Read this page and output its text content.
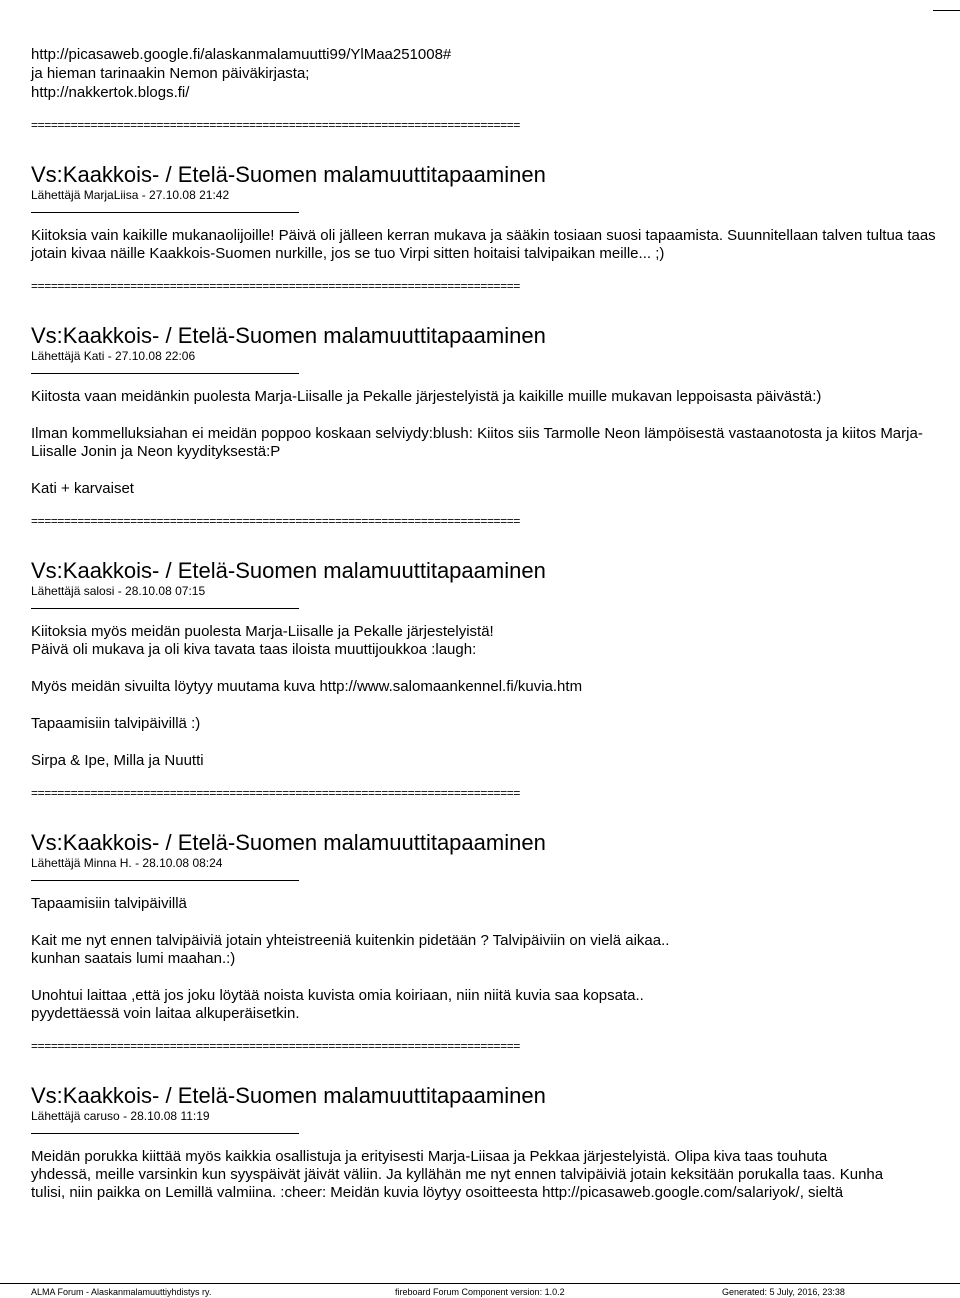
http://picasaweb.google.fi/alaskanmalamuutti99/YlMaa251008#

ja hieman tarinaakin Nemon päiväkirjasta;

http://nakkertok.blogs.fi/

==========================================================================
Vs:Kaakkois- / Etelä-Suomen malamuuttitapaaminen
Lähettäjä MarjaLiisa - 27.10.08 21:42

Kiitoksia vain kaikille mukanaolijoille! Päivä oli jälleen kerran mukava ja sääkin tosiaan suosi tapaamista. Suunnitellaan talven tultua taas jotain kivaa näille Kaakkois-Suomen nurkille, jos se tuo Virpi sitten hoitaisi talvipaikan meille... ;)

==========================================================================
Vs:Kaakkois- / Etelä-Suomen malamuuttitapaaminen
Lähettäjä Kati - 27.10.08 22:06

Kiitosta vaan meidänkin puolesta Marja-Liisalle ja Pekalle järjestelyistä ja kaikille muille mukavan leppoisasta päivästä:)

Ilman kommelluksiahan ei meidän poppoo koskaan selviydy:blush: Kiitos siis Tarmolle Neon lämpöisestä vastaanotosta ja kiitos Marja-Liisalle Jonin ja Neon kyydityksestä:P

Kati + karvaiset

==========================================================================
Vs:Kaakkois- / Etelä-Suomen malamuuttitapaaminen
Lähettäjä salosi - 28.10.08 07:15

Kiitoksia myös meidän puolesta Marja-Liisalle ja Pekalle järjestelyistä!
Päivä oli mukava ja oli kiva tavata taas iloista muuttijoukkoa :laugh:

Myös meidän sivuilta löytyy muutama kuva http://www.salomaankennel.fi/kuvia.htm

Tapaamisiin talvipäivillä :)

Sirpa & Ipe, Milla ja Nuutti

==========================================================================
Vs:Kaakkois- / Etelä-Suomen malamuuttitapaaminen
Lähettäjä Minna H. - 28.10.08 08:24

Tapaamisiin talvipäivillä

Kait me nyt ennen talvipäiviä jotain yhteistreeniä kuitenkin pidetään ? Talvipäiviin on vielä aikaa..
kunhan saatais lumi maahan.:)

Unohtui laittaa ,että jos joku löytää noista kuvista omia koiriaan, niin niitä kuvia saa kopsata..
pyydettäessä voin laitaa alkuperäisetkin.

==========================================================================
Vs:Kaakkois- / Etelä-Suomen malamuuttitapaaminen
Lähettäjä caruso - 28.10.08 11:19

Meidän porukka kiittää myös kaikkia osallistuja ja erityisesti Marja-Liisaa ja Pekkaa järjestelyistä. Olipa kiva taas touhuta
yhdessä, meille varsinkin kun syyspäivät jäivät väliin. Ja kyllähän me nyt ennen talvipäiviä jotain keksitään porukalla taas. Kunha
tulisi, niin paikka on Lemillä valmiina. :cheer: Meidän kuvia löytyy osoitteesta http://picasaweb.google.com/salariyok/, sieltä

ALMA Forum - Alaskanmalamuuttiyhdistys ry.	fireboard Forum Component version: 1.0.2	Generated: 5 July, 2016, 23:38
